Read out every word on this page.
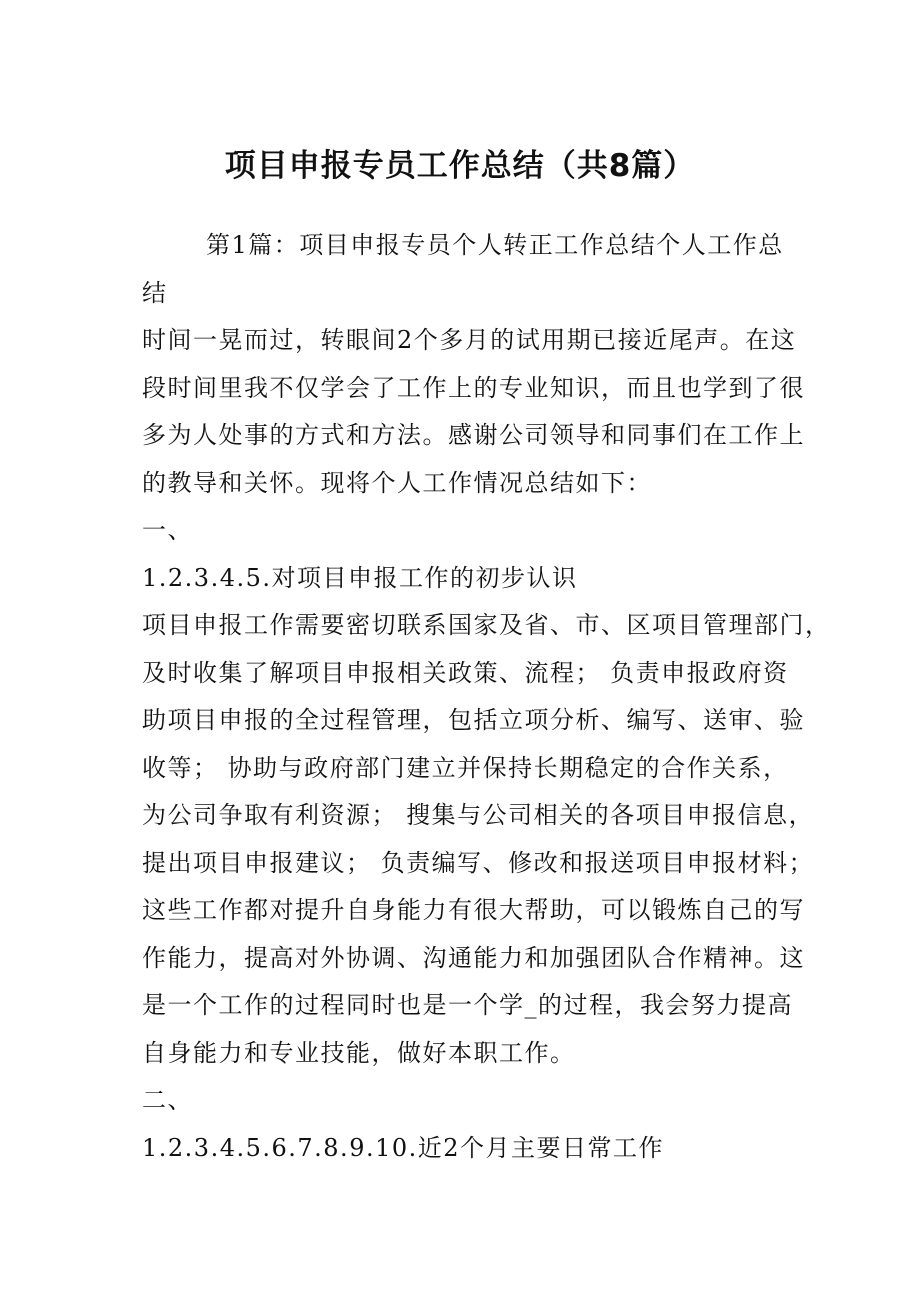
项目申报专员工作总结（共8篇）
第1篇：项目申报专员个人转正工作总结个人工作总
结
时间一晃而过，转眼间2个多月的试用期已接近尾声。在这
段时间里我不仅学会了工作上的专业知识，而且也学到了很
多为人处事的方式和方法。感谢公司领导和同事们在工作上
的教导和关怀。现将个人工作情况总结如下：
一、
1.2.3.4.5.对项目申报工作的初步认识
项目申报工作需要密切联系国家及省、市、区项目管理部门，
及时收集了解项目申报相关政策、流程； 负责申报政府资
助项目申报的全过程管理，包括立项分析、编写、送审、验
收等； 协助与政府部门建立并保持长期稳定的合作关系，
为公司争取有利资源； 搜集与公司相关的各项目申报信息，
提出项目申报建议； 负责编写、修改和报送项目申报材料；
这些工作都对提升自身能力有很大帮助，可以锻炼自己的写
作能力，提高对外协调、沟通能力和加强团队合作精神。这
是一个工作的过程同时也是一个学_的过程，我会努力提高
自身能力和专业技能，做好本职工作。
二、
1.2.3.4.5.6.7.8.9.10.近2个月主要日常工作
